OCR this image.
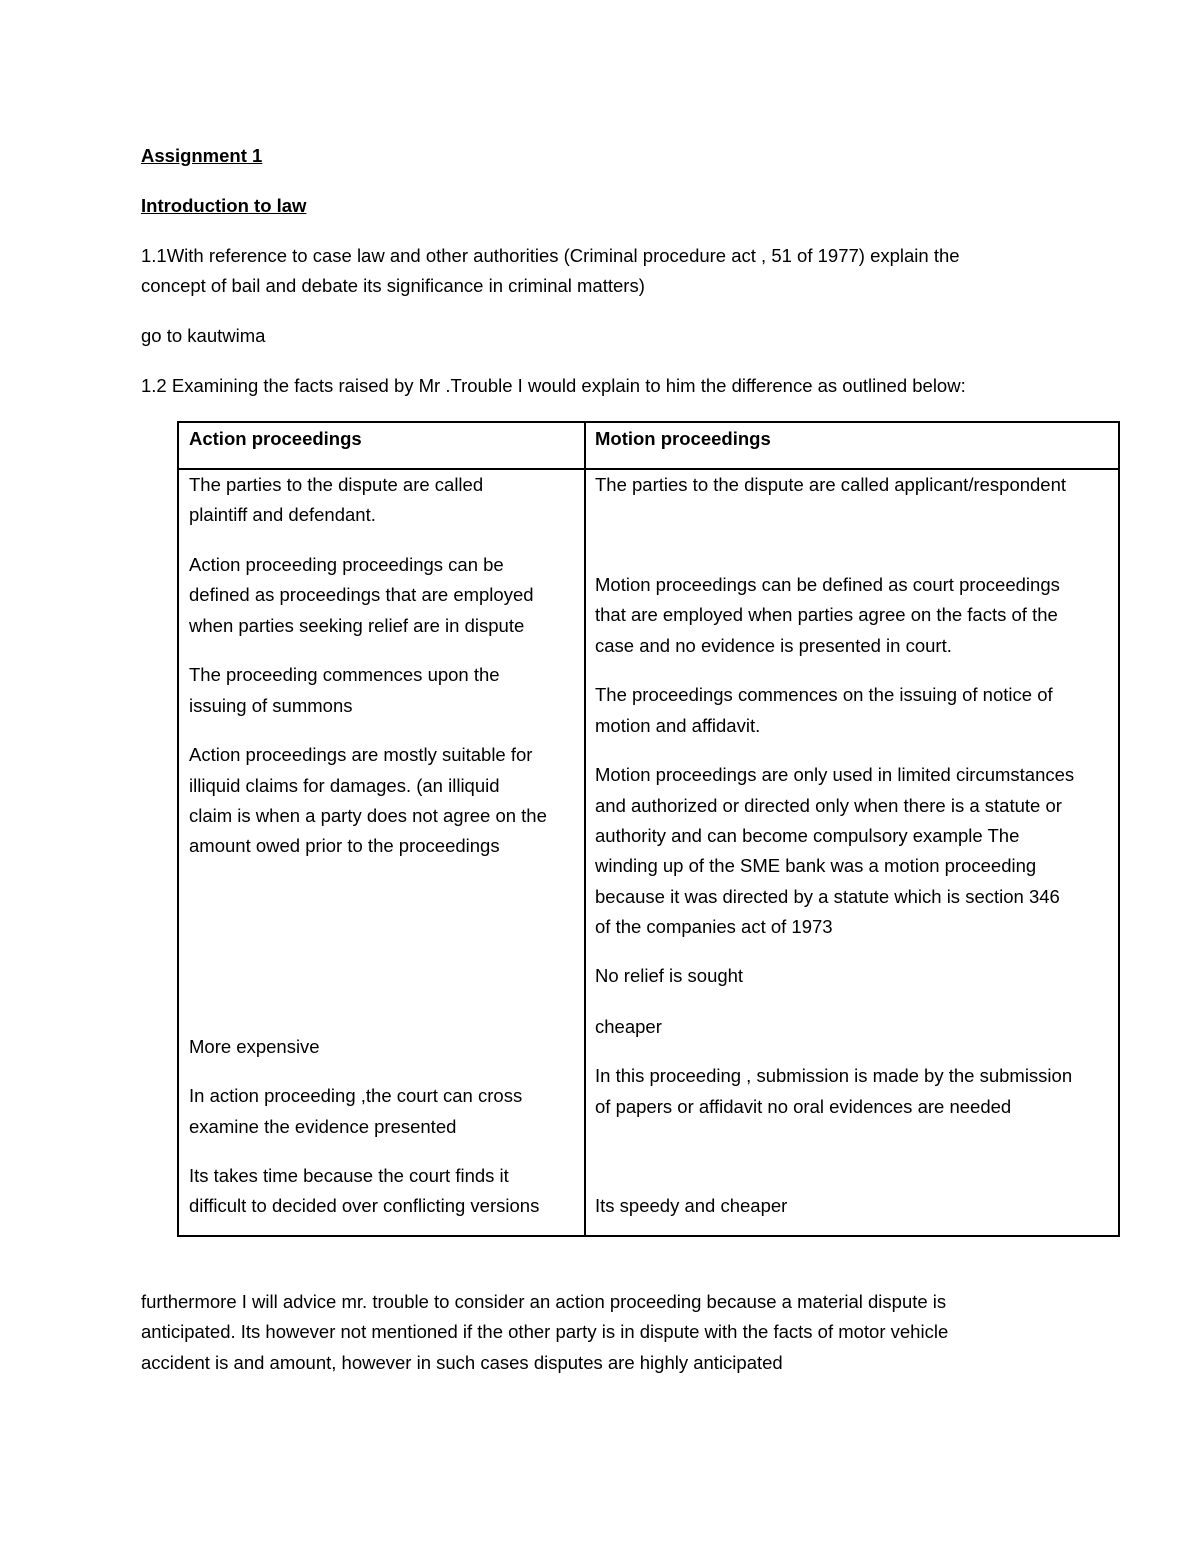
Assignment 1
Introduction to law
1.1With reference to case law and other authorities (Criminal procedure act , 51 of 1977) explain the
concept of bail and debate its significance in criminal matters)
go to kautwima
1.2 Examining the facts raised by Mr .Trouble I would explain to him the difference as outlined below:
Action proceedings	Motion proceedings
The parties to the dispute are called
plaintiff and defendant.
Action proceeding proceedings can be
defined as proceedings that are employed
when parties seeking relief are in dispute
The proceeding commences upon the
issuing of summons
Action proceedings are mostly suitable for
illiquid claims for damages. (an illiquid
claim is when a party does not agree on the
amount owed prior to the proceedings
More expensive
In action proceeding ,the court can cross
examine the evidence presented
Its takes time because the court finds it
difficult to decided over conflicting versions
The parties to the dispute are called applicant/respondent
Motion proceedings can be defined as court proceedings
that are employed when parties agree on the facts of the
case and no evidence is presented in court.
The proceedings commences on the issuing of notice of
motion and affidavit.
Motion proceedings are only used in limited circumstances
and authorized or directed only when there is a statute or
authority and can become compulsory example The
winding up of the SME bank was a motion proceeding
because it was directed by a statute which is section 346
of the companies act of 1973
No relief is sought
cheaper
In this proceeding , submission is made by the submission
of papers or affidavit no oral evidences are needed
Its speedy and cheaper
furthermore I will advice mr. trouble to consider an action proceeding because a material dispute is
anticipated. Its however not mentioned if the other party is in dispute with the facts of motor vehicle
accident is and amount, however in such cases disputes are highly anticipated
